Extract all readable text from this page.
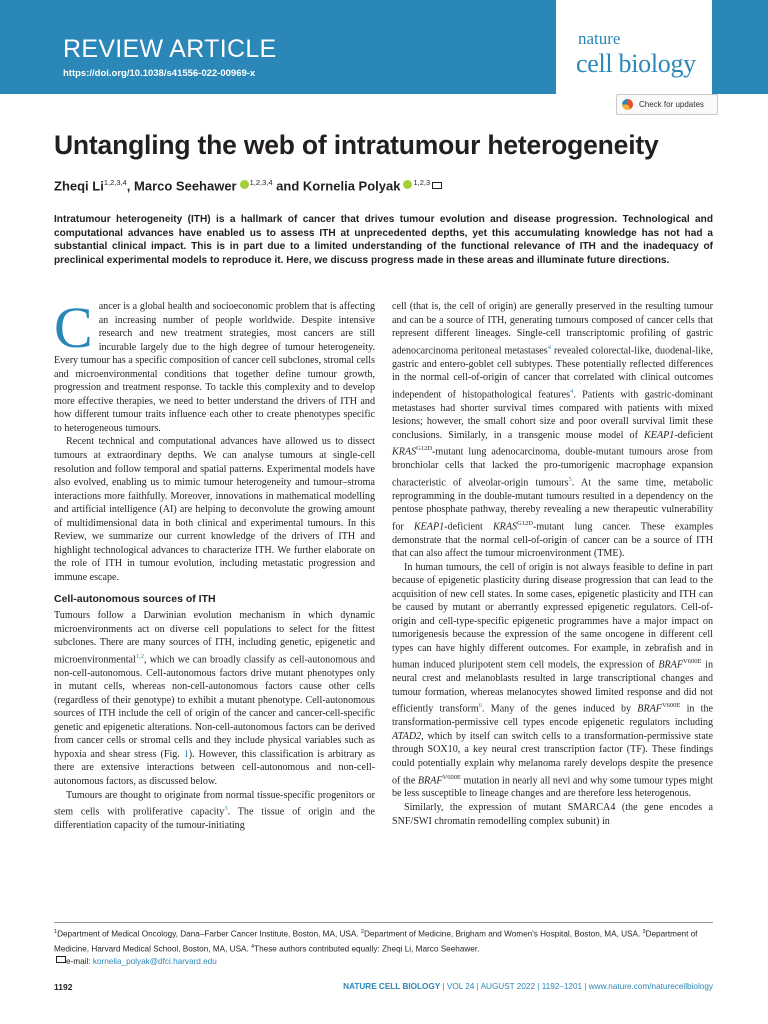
REVIEW ARTICLE
https://doi.org/10.1038/s41556-022-00969-x
nature
cell biology
Check for updates
Untangling the web of intratumour heterogeneity
Zheqi Li$^{1,2,3,4}$, Marco Seehawer $^{1,2,3,4}$ and Kornelia Polyak $^{1,2,3}$
Intratumour heterogeneity (ITH) is a hallmark of cancer that drives tumour evolution and disease progression. Technological and computational advances have enabled us to assess ITH at unprecedented depths, yet this accumulating knowledge has not had a substantial clinical impact. This is in part due to a limited understanding of the functional relevance of ITH and the inadequacy of preclinical experimental models to reproduce it. Here, we discuss progress made in these areas and illuminate future directions.

Cancer is a global health and socioeconomic problem that is affecting an increasing number of people worldwide. Despite intensive research and new treatment strategies, most cancers are still incurable largely due to the high degree of tumour heterogeneity. Every tumour has a specific composition of cancer cell subclones, stromal cells and microenvironmental conditions that together define tumour growth, progression and treatment response. To tackle this complexity and to develop more effective therapies, we need to better understand the drivers of ITH and how different tumour traits influence each other to create phenotypes specific to heterogeneous tumours.

Recent technical and computational advances have allowed us to dissect tumours at extraordinary depths. We can analyse tumours at single-cell resolution and follow temporal and spatial patterns. Experimental models have also evolved, enabling us to mimic tumour heterogeneity and tumour–stroma interactions more faithfully. Moreover, innovations in mathematical modelling and artificial intelligence (AI) are helping to deconvolute the growing amount of multidimensional data in both clinical and experimental tumours. In this Review, we summarize our current knowledge of the drivers of ITH and highlight technological advances to characterize ITH. We further elaborate on the role of ITH in tumour evolution, including metastatic progression and immune escape.

Cell-autonomous sources of ITH

Tumours follow a Darwinian evolution mechanism in which dynamic microenvironments act on diverse cell populations to select for the fittest subclones. There are many sources of ITH, including genetic, epigenetic and microenvironmental$^{1,2}$, which we can broadly classify as cell-autonomous and non-cell-autonomous. Cell-autonomous factors drive mutant phenotypes only in mutant cells, whereas non-cell-autonomous factors cause other cells (regardless of their genotype) to exhibit a mutant phenotype. Cell-autonomous sources of ITH include the cell of origin of the cancer and cancer-cell-specific genetic and epigenetic alterations. Non-cell-autonomous factors can be derived from cancer cells or stromal cells and they include physical variables such as hypoxia and shear stress (Fig. 1). However, this classification is arbitrary as there are extensive interactions between cell-autonomous and non-cell-autonomous factors, as discussed below.

Tumours are thought to originate from normal tissue-specific progenitors or stem cells with proliferative capacity$^3$. The tissue of origin and the differentiation capacity of the tumour-initiating

cell (that is, the cell of origin) are generally preserved in the resulting tumour and can be a source of ITH, generating tumours composed of cancer cells that represent different lineages. Single-cell transcriptomic profiling of gastric adenocarcinoma peritoneal metastases$^4$ revealed colorectal-like, duodenal-like, gastric and entero-goblet cell subtypes. These potentially reflected differences in the normal cell-of-origin of cancer that correlated with clinical outcomes independent of histopathological features$^4$. Patients with gastric-dominant metastases had shorter survival times compared with patients with mixed lesions; however, the small cohort size and poor overall survival limit these conclusions. Similarly, in a transgenic mouse model of KEAP1-deficient $KRAS^{G12D}$-mutant lung adenocarcinoma, double-mutant tumours arose from bronchiolar cells that lacked the pro-tumorigenic macrophage expansion characteristic of alveolar-origin tumours$^5$. At the same time, metabolic reprogramming in the double-mutant tumours resulted in a dependency on the pentose phosphate pathway, thereby revealing a new therapeutic vulnerability for KEAP1-deficient $KRAS^{G12D}$-mutant lung cancer. These examples demonstrate that the normal cell-of-origin of cancer can be a source of ITH that can also affect the tumour microenvironment (TME).

In human tumours, the cell of origin is not always feasible to define in part because of epigenetic plasticity during disease progression that can lead to the acquisition of new cell states. In some cases, epigenetic plasticity and ITH can be caused by mutant or aberrantly expressed epigenetic regulators. Cell-of-origin and cell-type-specific epigenetic programmes have a major impact on tumorigenesis because the expression of the same oncogene in different cell types can have highly different outcomes. For example, in zebrafish and in human induced pluripotent stem cell models, the expression of $BRAF^{V600E}$ in neural crest and melanoblasts resulted in large transcriptional changes and tumour formation, whereas melanocytes showed limited response and did not efficiently transform$^6$. Many of the genes induced by $BRAF^{V600E}$ in the transformation-permissive cell types encode epigenetic regulators including ATAD2, which by itself can switch cells to a transformation-permissive state through SOX10, a key neural crest transcription factor (TF). These findings could potentially explain why melanoma rarely develops despite the presence of the $BRAF^{V600E}$ mutation in nearly all nevi and why some tumour types might be less susceptible to lineage changes and are therefore less heterogenous.

Similarly, the expression of mutant SMARCA4 (the gene encodes a SNF/SWI chromatin remodelling complex subunit) in

$^1$Department of Medical Oncology, Dana–Farber Cancer Institute, Boston, MA, USA. $^2$Department of Medicine, Brigham and Women's Hospital, Boston, MA, USA. $^3$Department of Medicine, Harvard Medical School, Boston, MA, USA. $^4$These authors contributed equally: Zheqi Li, Marco Seehawer.
e-mail: kornelia_polyak@dfci.harvard.edu
1192	NATURE CELL BIOLOGY | VOL 24 | AUGUST 2022 | 1192–1201 | www.nature.com/naturecellbiology
